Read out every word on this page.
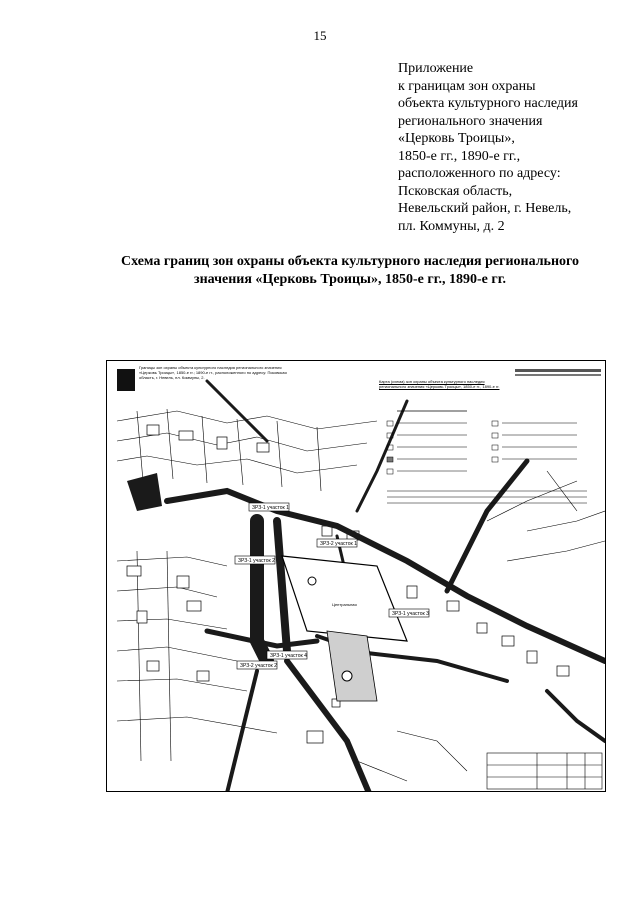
15
Приложение
к границам зон охраны
объекта культурного наследия
регионального значения
«Церковь Троицы»,
1850-е гг., 1890-е гг.,
расположенного по адресу:
Псковская область,
Невельский район, г. Невель,
пл. Коммуны, д. 2
Схема границ зон охраны объекта культурного наследия регионального
значения «Церковь Троицы», 1850-е гг., 1890-е гг.
Границы зон охраны объекта культурного наследия регионального значения «Церковь Троицы», 1850-е гг.; 1890-е гг., расположенного по адресу: Псковская область, г. Невель, пл. Коммуны, 2.
Карта (схема) зон охраны объекта культурного наследия регионального значения «Церковь Троицы», 1850-е гг., 1890-е гг.
Центральная
ЗРЗ-1 участок 1
ЗРЗ-1 участок 2
ЗРЗ-2 участок 1
ЗРЗ-1 участок 3
ЗРЗ-1 участок 4
ЗРЗ-2 участок 2
